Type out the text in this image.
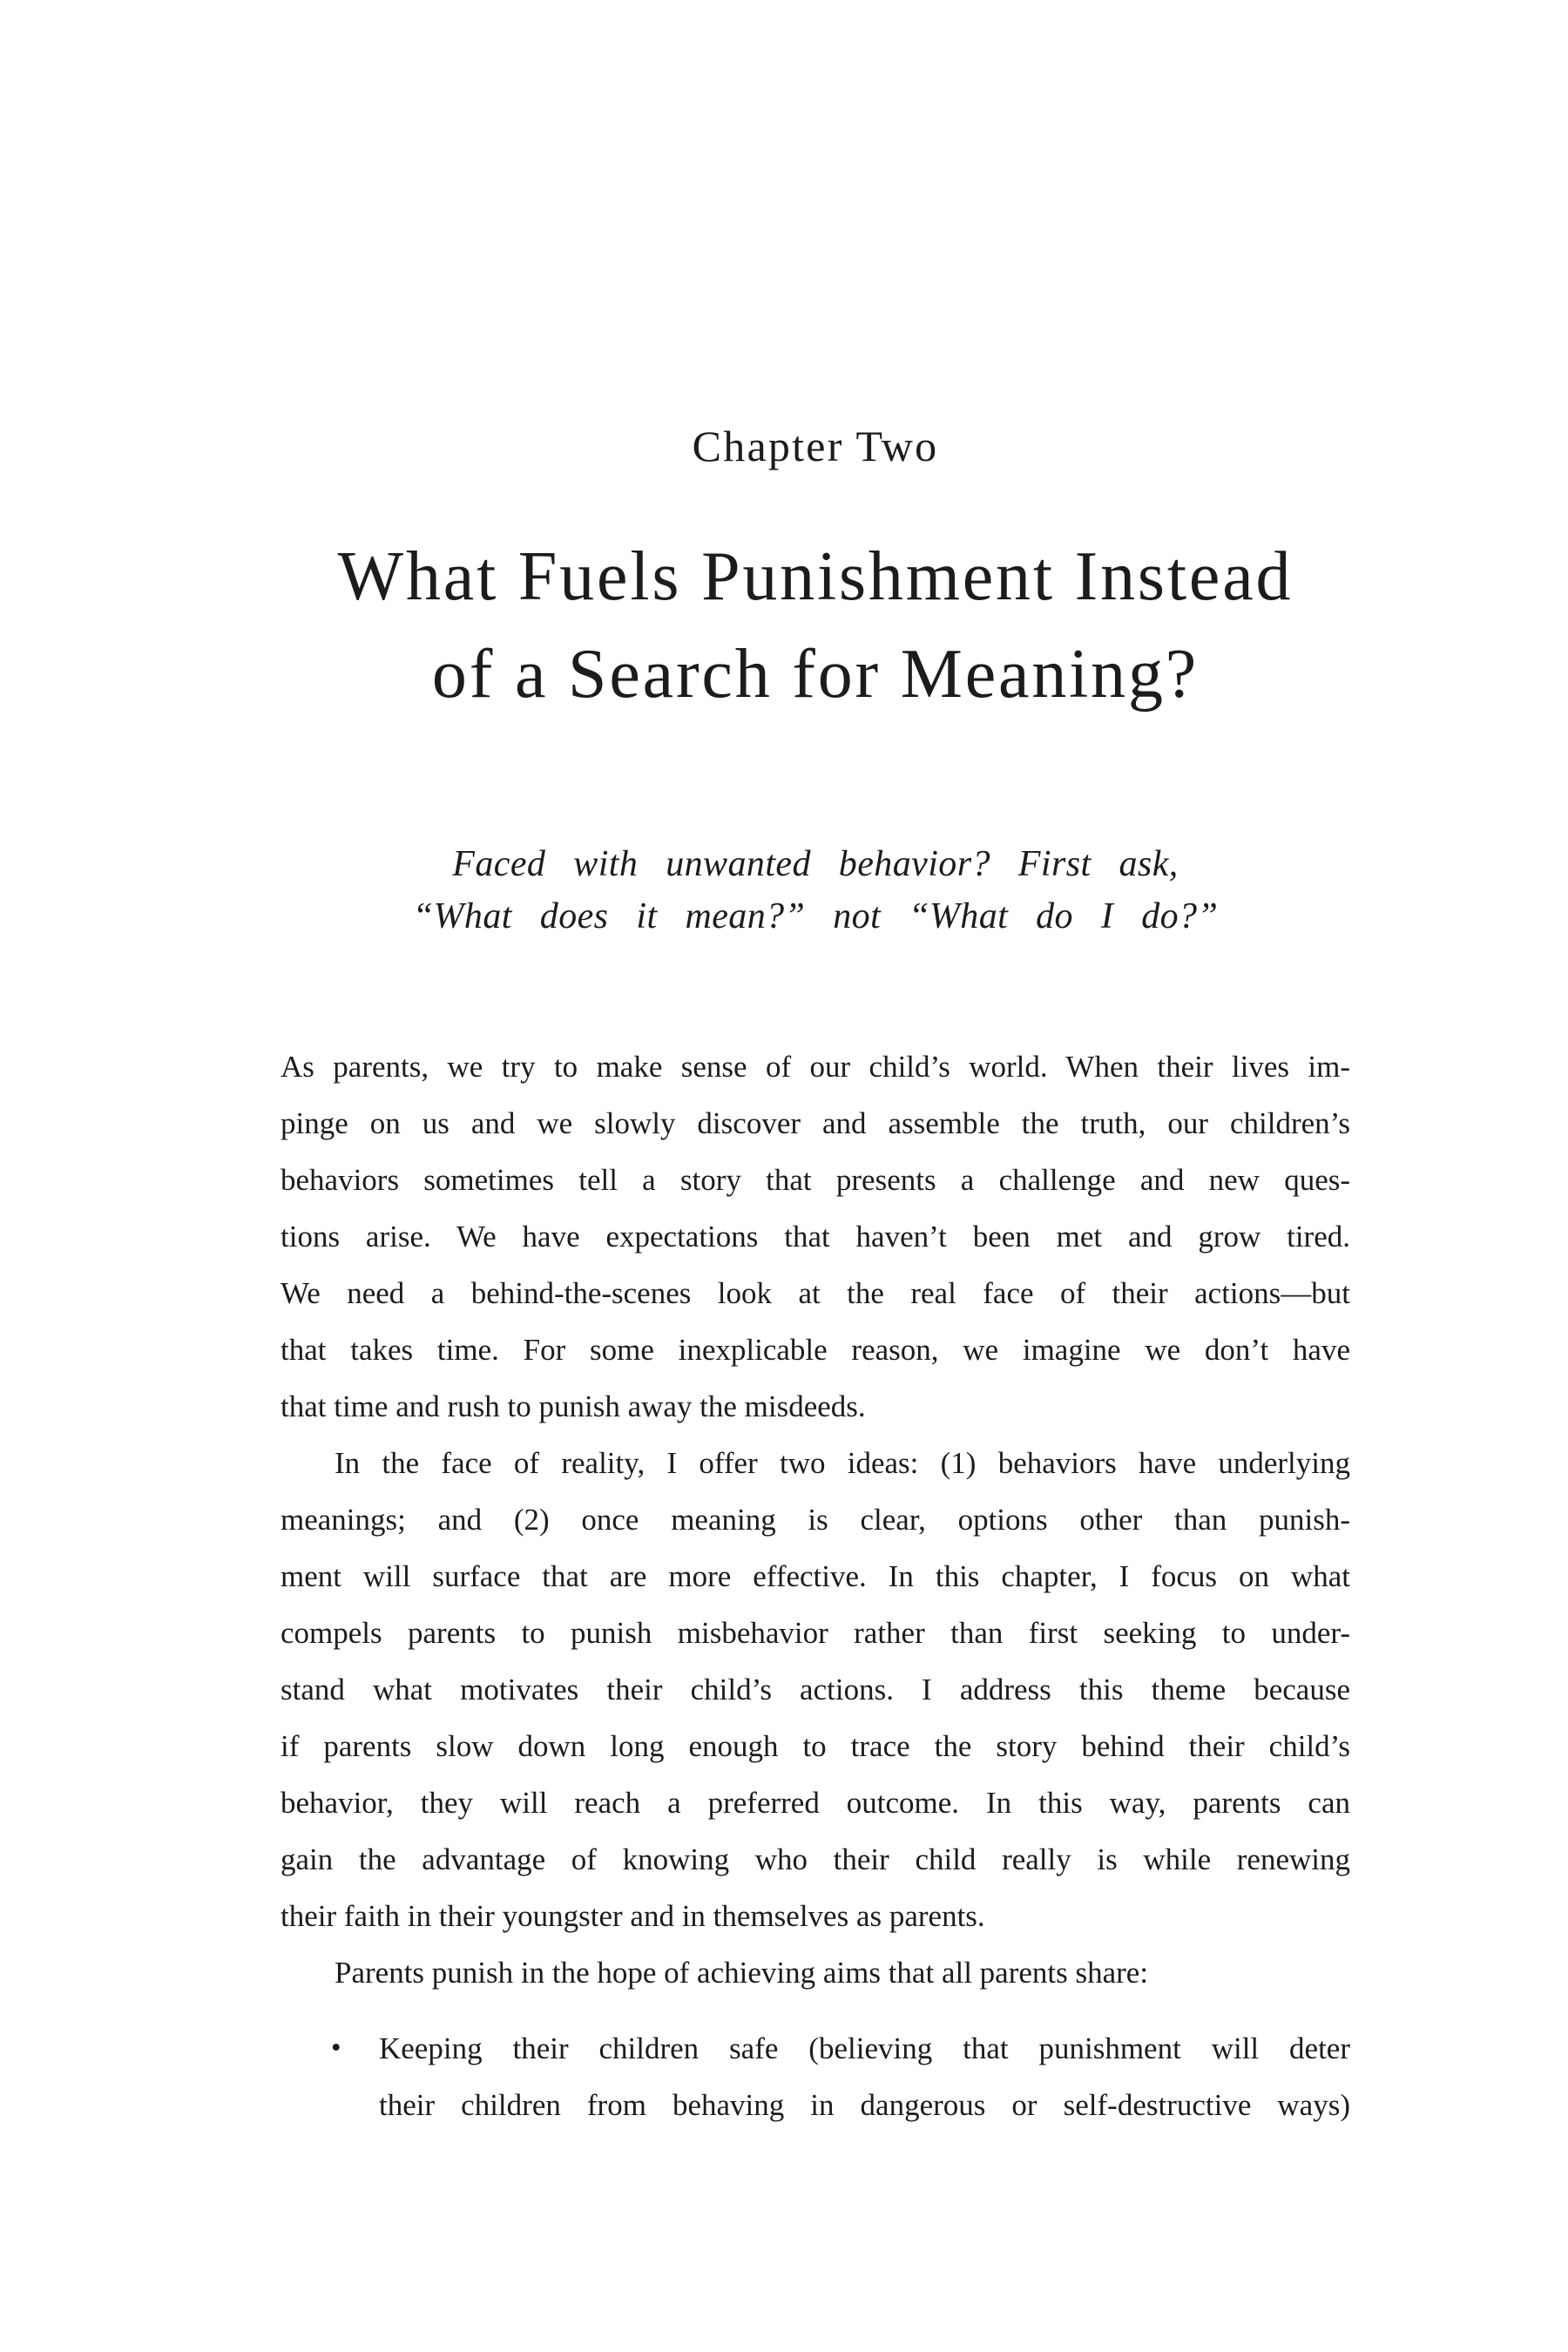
Chapter Two
What Fuels Punishment Instead
of a Search for Meaning?
Faced with unwanted behavior? First ask,
“What does it mean?” not “What do I do?”
As parents, we try to make sense of our child’s world. When their lives im-
pinge on us and we slowly discover and assemble the truth, our children’s
behaviors sometimes tell a story that presents a challenge and new ques-
tions arise. We have expectations that haven’t been met and grow tired.
We need a behind-the-scenes look at the real face of their actions—but
that takes time. For some inexplicable reason, we imagine we don’t have
that time and rush to punish away the misdeeds.
In the face of reality, I offer two ideas: (1) behaviors have underlying
meanings; and (2) once meaning is clear, options other than punish-
ment will surface that are more effective. In this chapter, I focus on what
compels parents to punish misbehavior rather than first seeking to under-
stand what motivates their child’s actions. I address this theme because
if parents slow down long enough to trace the story behind their child’s
behavior, they will reach a preferred outcome. In this way, parents can
gain the advantage of knowing who their child really is while renewing
their faith in their youngster and in themselves as parents.
Parents punish in the hope of achieving aims that all parents share:
• Keeping their children safe (believing that punishment will deter
their children from behaving in dangerous or self-destructive ways)
